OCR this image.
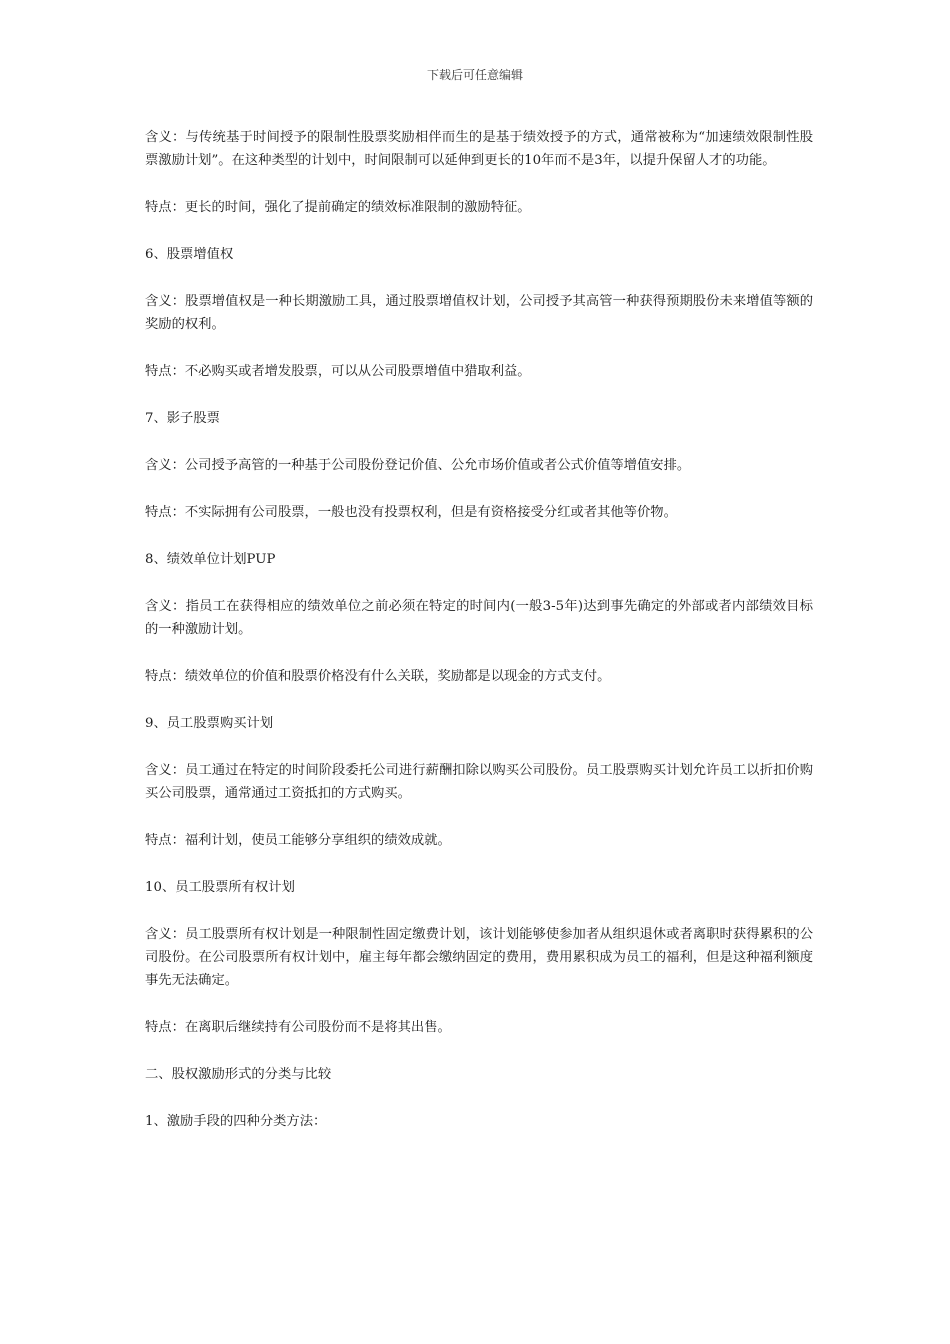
下载后可任意编辑

含义：与传统基于时间授予的限制性股票奖励相伴而生的是基于绩效授予的方式，通常被称为“加速绩效限制性股票激励计划”。在这种类型的计划中，时间限制可以延伸到更长的10年而不是3年，以提升保留人才的功能。

特点：更长的时间，强化了提前确定的绩效标准限制的激励特征。

6、股票增值权

含义：股票增值权是一种长期激励工具，通过股票增值权计划，公司授予其高管一种获得预期股份未来增值等额的奖励的权利。

特点：不必购买或者增发股票，可以从公司股票增值中猎取利益。

7、影子股票

含义：公司授予高管的一种基于公司股份登记价值、公允市场价值或者公式价值等增值安排。

特点：不实际拥有公司股票，一般也没有投票权利，但是有资格接受分红或者其他等价物。

8、绩效单位计划PUP

含义：指员工在获得相应的绩效单位之前必须在特定的时间内(一般3-5年)达到事先确定的外部或者内部绩效目标的一种激励计划。

特点：绩效单位的价值和股票价格没有什么关联，奖励都是以现金的方式支付。

9、员工股票购买计划

含义：员工通过在特定的时间阶段委托公司进行薪酬扣除以购买公司股份。员工股票购买计划允许员工以折扣价购买公司股票，通常通过工资抵扣的方式购买。

特点：福利计划，使员工能够分享组织的绩效成就。

10、员工股票所有权计划

含义：员工股票所有权计划是一种限制性固定缴费计划，该计划能够使参加者从组织退休或者离职时获得累积的公司股份。在公司股票所有权计划中，雇主每年都会缴纳固定的费用，费用累积成为员工的福利，但是这种福利额度事先无法确定。

特点：在离职后继续持有公司股份而不是将其出售。

二、股权激励形式的分类与比较

1、激励手段的四种分类方法：
